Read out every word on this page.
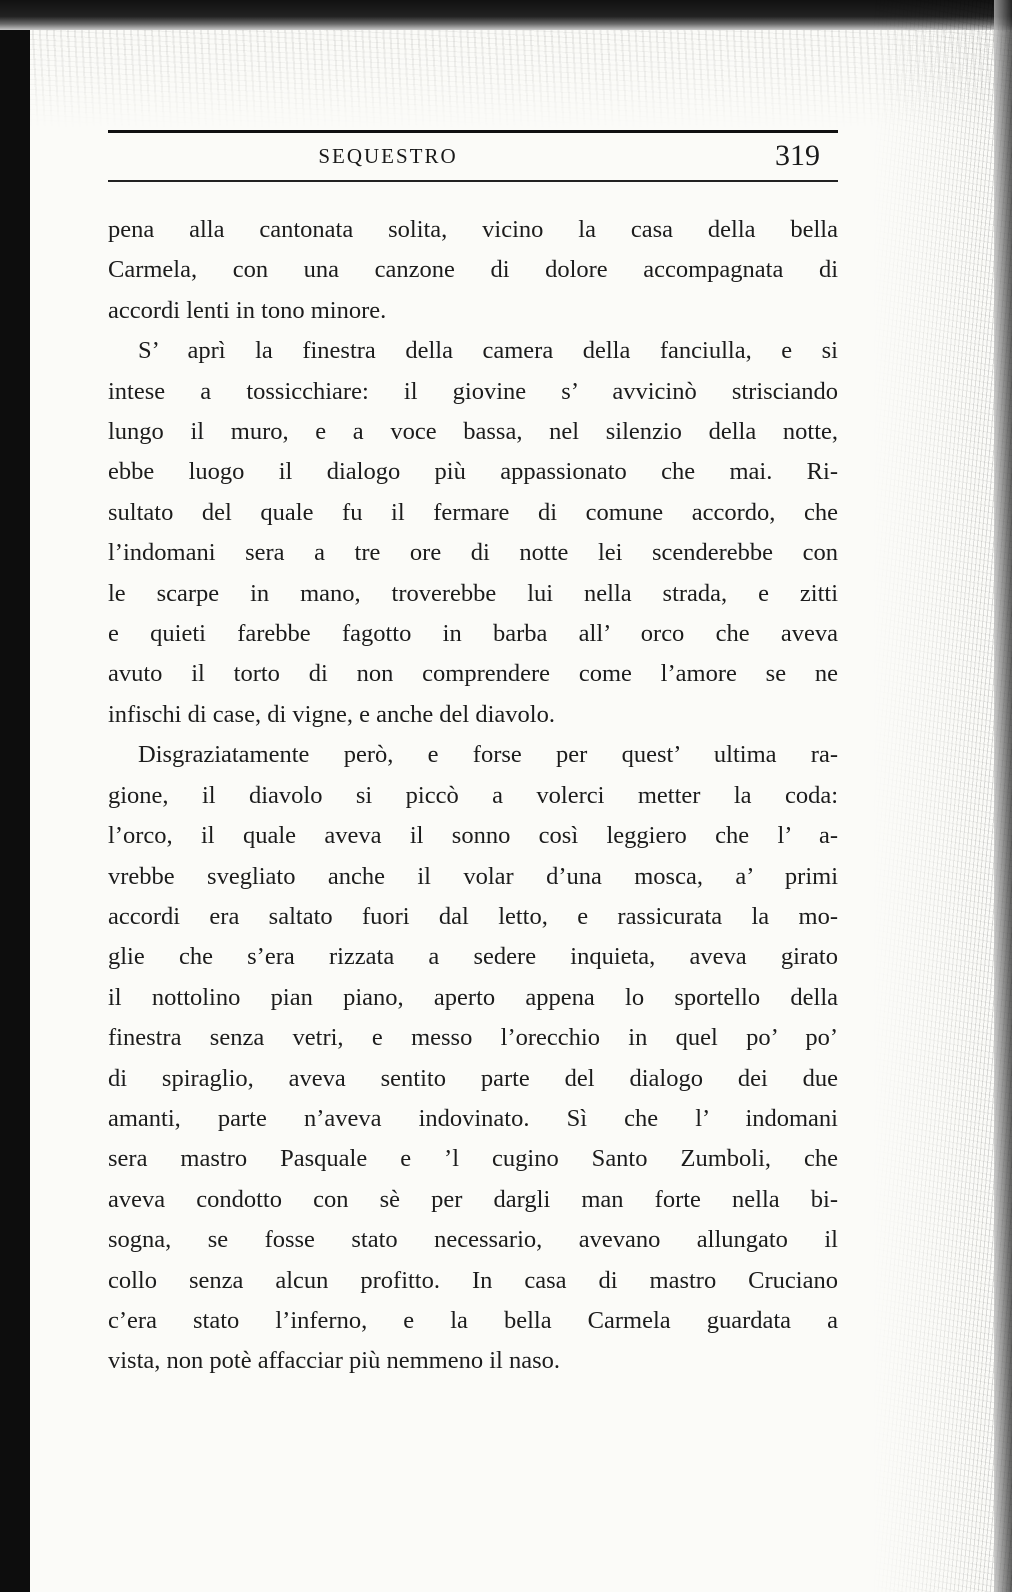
SEQUESTRO	319

pena alla cantonata solita, vicino la casa della bella
Carmela, con una canzone di dolore accompagnata di
accordi lenti in tono minore.

S’ aprì la finestra della camera della fanciulla, e si
intese a tossicchiare: il giovine s’ avvicinò strisciando
lungo il muro, e a voce bassa, nel silenzio della notte,
ebbe luogo il dialogo più appassionato che mai. Ri-
sultato del quale fu il fermare di comune accordo, che
l’indomani sera a tre ore di notte lei scenderebbe con
le scarpe in mano, troverebbe lui nella strada, e zitti
e quieti farebbe fagotto in barba all’ orco che aveva
avuto il torto di non comprendere come l’amore se ne
infischi di case, di vigne, e anche del diavolo.

Disgraziatamente però, e forse per quest’ ultima ra-
gione, il diavolo si piccò a volerci metter la coda:
l’orco, il quale aveva il sonno così leggiero che l’ a-
vrebbe svegliato anche il volar d’una mosca, a’ primi
accordi era saltato fuori dal letto, e rassicurata la mo-
glie che s’era rizzata a sedere inquieta, aveva girato
il nottolino pian piano, aperto appena lo sportello della
finestra senza vetri, e messo l’orecchio in quel po’ po’
di spiraglio, aveva sentito parte del dialogo dei due
amanti, parte n’aveva indovinato. Sì che l’ indomani
sera mastro Pasquale e ’l cugino Santo Zumboli, che
aveva condotto con sè per dargli man forte nella bi-
sogna, se fosse stato necessario, avevano allungato il
collo senza alcun profitto. In casa di mastro Cruciano
c’era stato l’inferno, e la bella Carmela guardata a
vista, non potè affacciar più nemmeno il naso.
